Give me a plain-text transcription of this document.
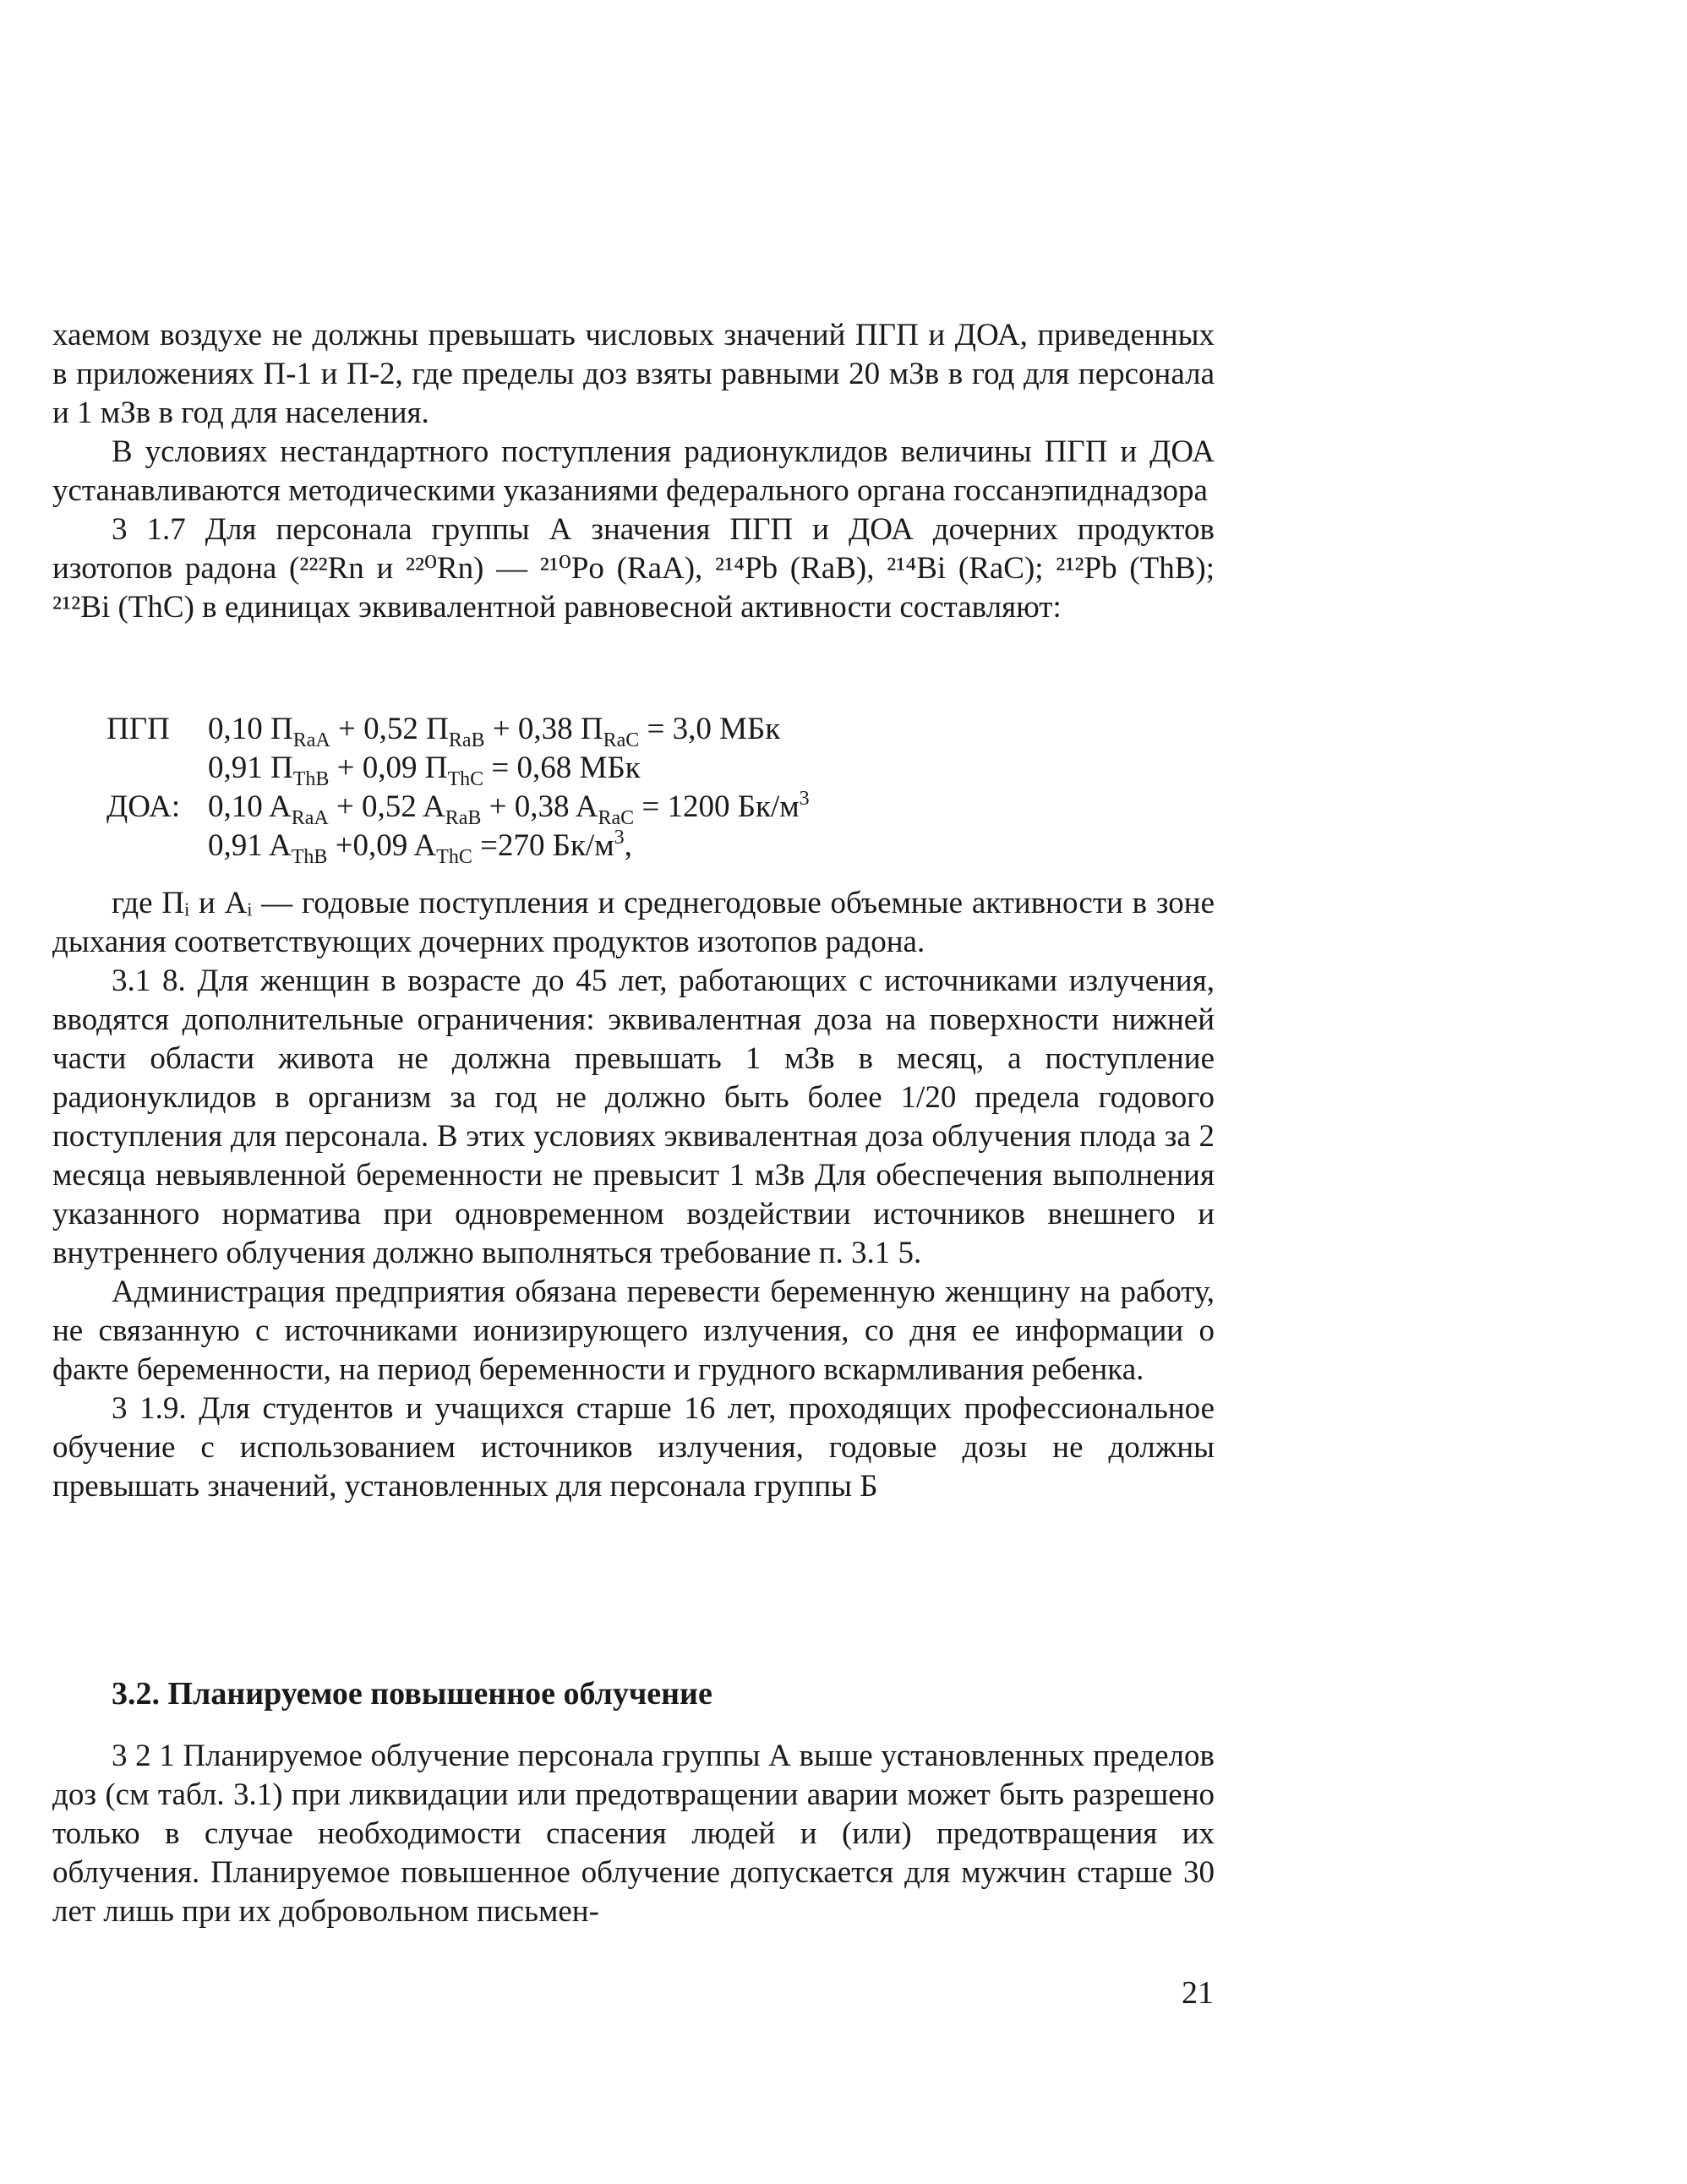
хаемом воздухе не должны превышать числовых значений ПГП и ДОА, приведенных в приложениях П-1 и П-2, где пределы доз взяты равными 20 мЗв в год для персонала и 1 мЗв в год для населения.

В условиях нестандартного поступления радионуклидов величины ПГП и ДОА устанавливаются методическими указаниями федерального органа госсанэпиднадзора

3 1.7 Для персонала группы А значения ПГП и ДОА дочерних продуктов изотопов радона (²²²Rn и ²²⁰Rn) — ²¹⁰Po (RaA), ²¹⁴Pb (RaB), ²¹⁴Bi (RaC); ²¹²Pb (ThB); ²¹²Bi (ThC) в единицах эквивалентной равновесной активности составляют:

ПГП 0,10 $П_{RaA} + 0,52$ $П_{RaB} + 0,38$ $П_{RaC} = 3,0$ МБк
0,91 $П_{ThB} + 0,09$ $П_{ThC} = 0,68$ МБк
ДОА: 0,10 $A_{RaA} + 0,52$ $A_{RaB} + 0,38$ $A_{RaC} = 1200$ $Бк/м^3$
0,91 $A_{ThB} +0,09$ $A_{ThC} =270$ $Бк/м^3$,

где Пᵢ и Aᵢ — годовые поступления и среднегодовые объемные активности в зоне дыхания соответствующих дочерних продуктов изотопов радона.

3.1 8. Для женщин в возрасте до 45 лет, работающих с источниками излучения, вводятся дополнительные ограничения: эквивалентная доза на поверхности нижней части области живота не должна превышать 1 мЗв в месяц, а поступление радионуклидов в организм за год не должно быть более 1/20 предела годового поступления для персонала. В этих условиях эквивалентная доза облучения плода за 2 месяца невыявленной беременности не превысит 1 мЗв Для обеспечения выполнения указанного норматива при одновременном воздействии источников внешнего и внутреннего облучения должно выполняться требование п. 3.1 5.

Администрация предприятия обязана перевести беременную женщину на работу, не связанную с источниками ионизирующего излучения, со дня ее информации о факте беременности, на период беременности и грудного вскармливания ребенка.

3 1.9. Для студентов и учащихся старше 16 лет, проходящих профессиональное обучение с использованием источников излучения, годовые дозы не должны превышать значений, установленных для персонала группы Б

3.2. Планируемое повышенное облучение

3 2 1 Планируемое облучение персонала группы А выше установленных пределов доз (см табл. 3.1) при ликвидации или предотвращении аварии может быть разрешено только в случае необходимости спасения людей и (или) предотвращения их облучения. Планируемое повышенное облучение допускается для мужчин старше 30 лет лишь при их добровольном письмен-

21
